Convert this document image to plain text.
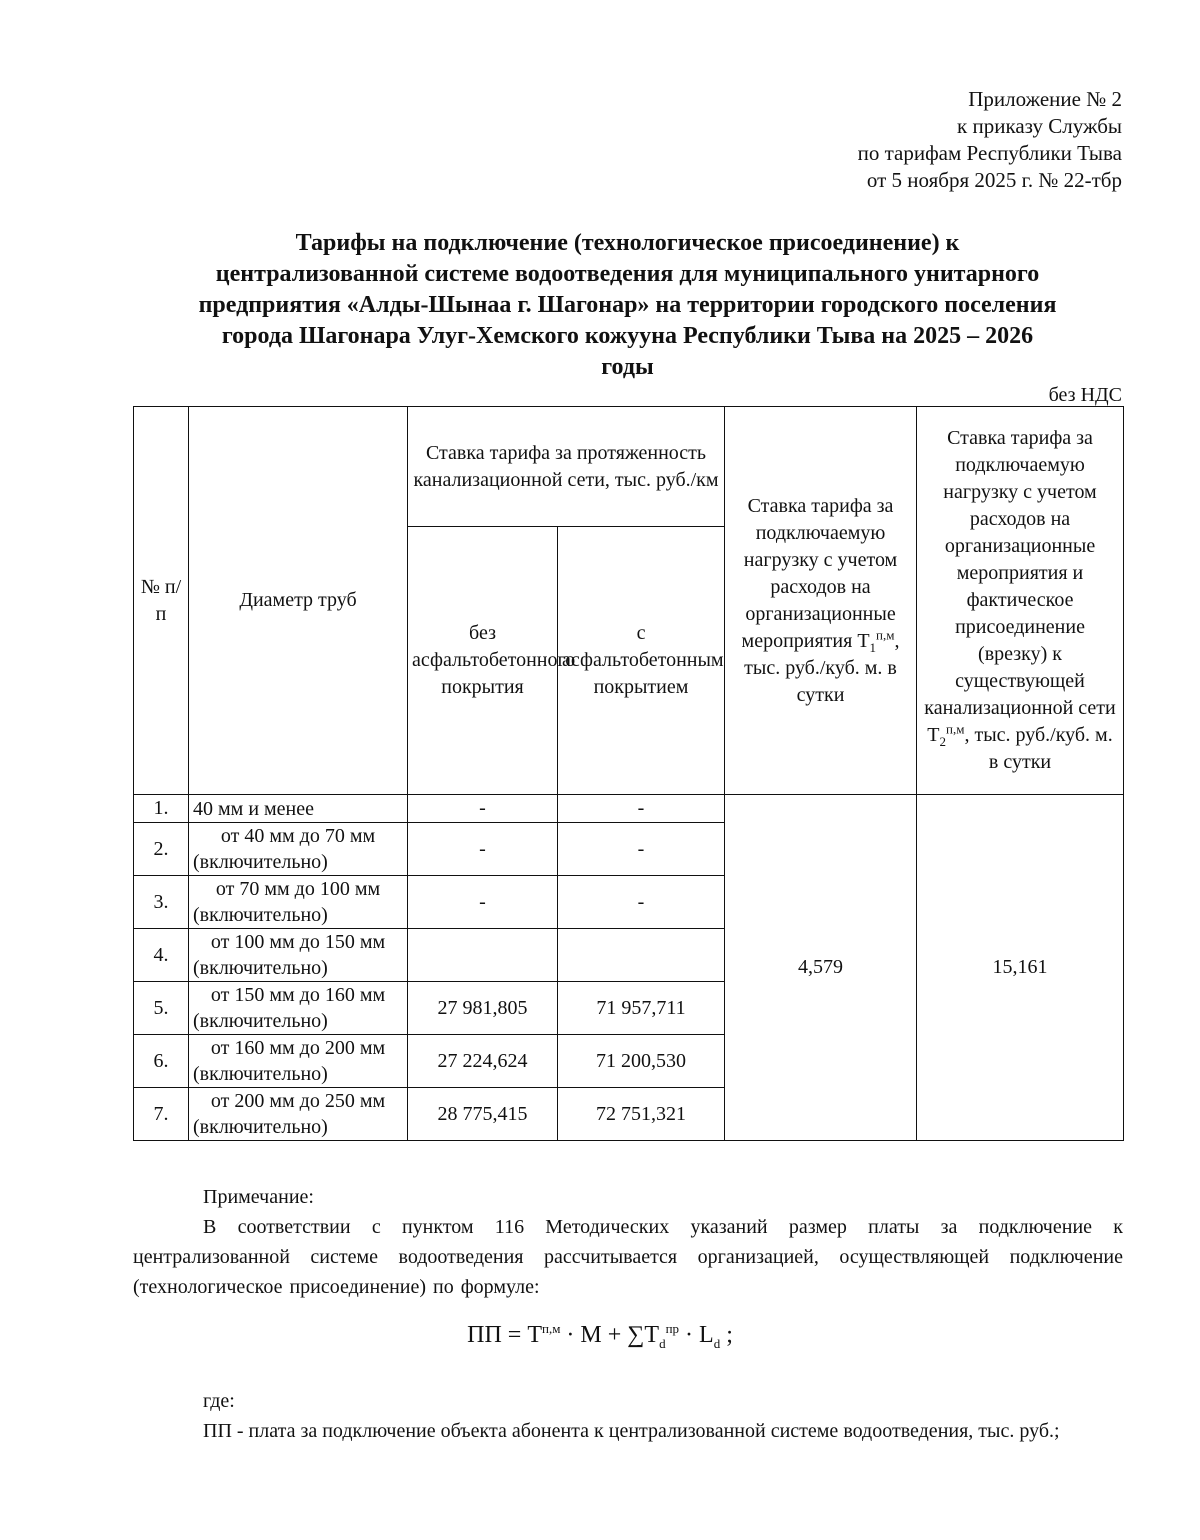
Приложение № 2
к приказу Службы
по тарифам Республики Тыва
от 5 ноября 2025 г. № 22-тбр
Тарифы на подключение (технологическое присоединение) к
централизованной системе водоотведения для муниципального унитарного
предприятия «Алды-Шынаа г. Шагонар» на территории городского поселения
города Шагонара Улуг-Хемского кожууна Республики Тыва на 2025 – 2026
годы
без НДС
№ п/п	Диаметр труб	Ставка тарифа за протяженность канализационной сети, тыс. руб./км		Ставка тарифа за подключаемую нагрузку с учетом расходов на организационные мероприятия $Т_1^{п,м}$, тыс. руб./куб. м. в сутки	Ставка тарифа за подключаемую нагрузку с учетом расходов на организационные мероприятия и фактическое присоединение (врезку) к существующей канализационной сети $Т_2^{п,м}$, тыс. руб./куб. м. в сутки
		без асфальтобетонного покрытия	с асфальтобетонным покрытием		
1.	40 мм и менее	-	-	4,579	15,161
2.	от 40 мм до 70 мм (включительно)	-	-		
3.	от 70 мм до 100 мм (включительно)	-	-		
4.	от 100 мм до 150 мм (включительно)				
5.	от 150 мм до 160 мм (включительно)	27 981,805	71 957,711		
6.	от 160 мм до 200 мм (включительно)	27 224,624	71 200,530		
7.	от 200 мм до 250 мм (включительно)	28 775,415	72 751,321		
Примечание:
В соответствии с пунктом 116 Методических указаний размер платы за подключение к централизованной системе водоотведения рассчитывается организацией, осуществляющей подключение (технологическое присоединение) по формуле:
ПП = $Т^{п,м} \cdot М + \sum Т_d^{пр} \cdot L_d$ ;
где:
ПП - плата за подключение объекта абонента к централизованной системе водоотведения, тыс. руб.;
